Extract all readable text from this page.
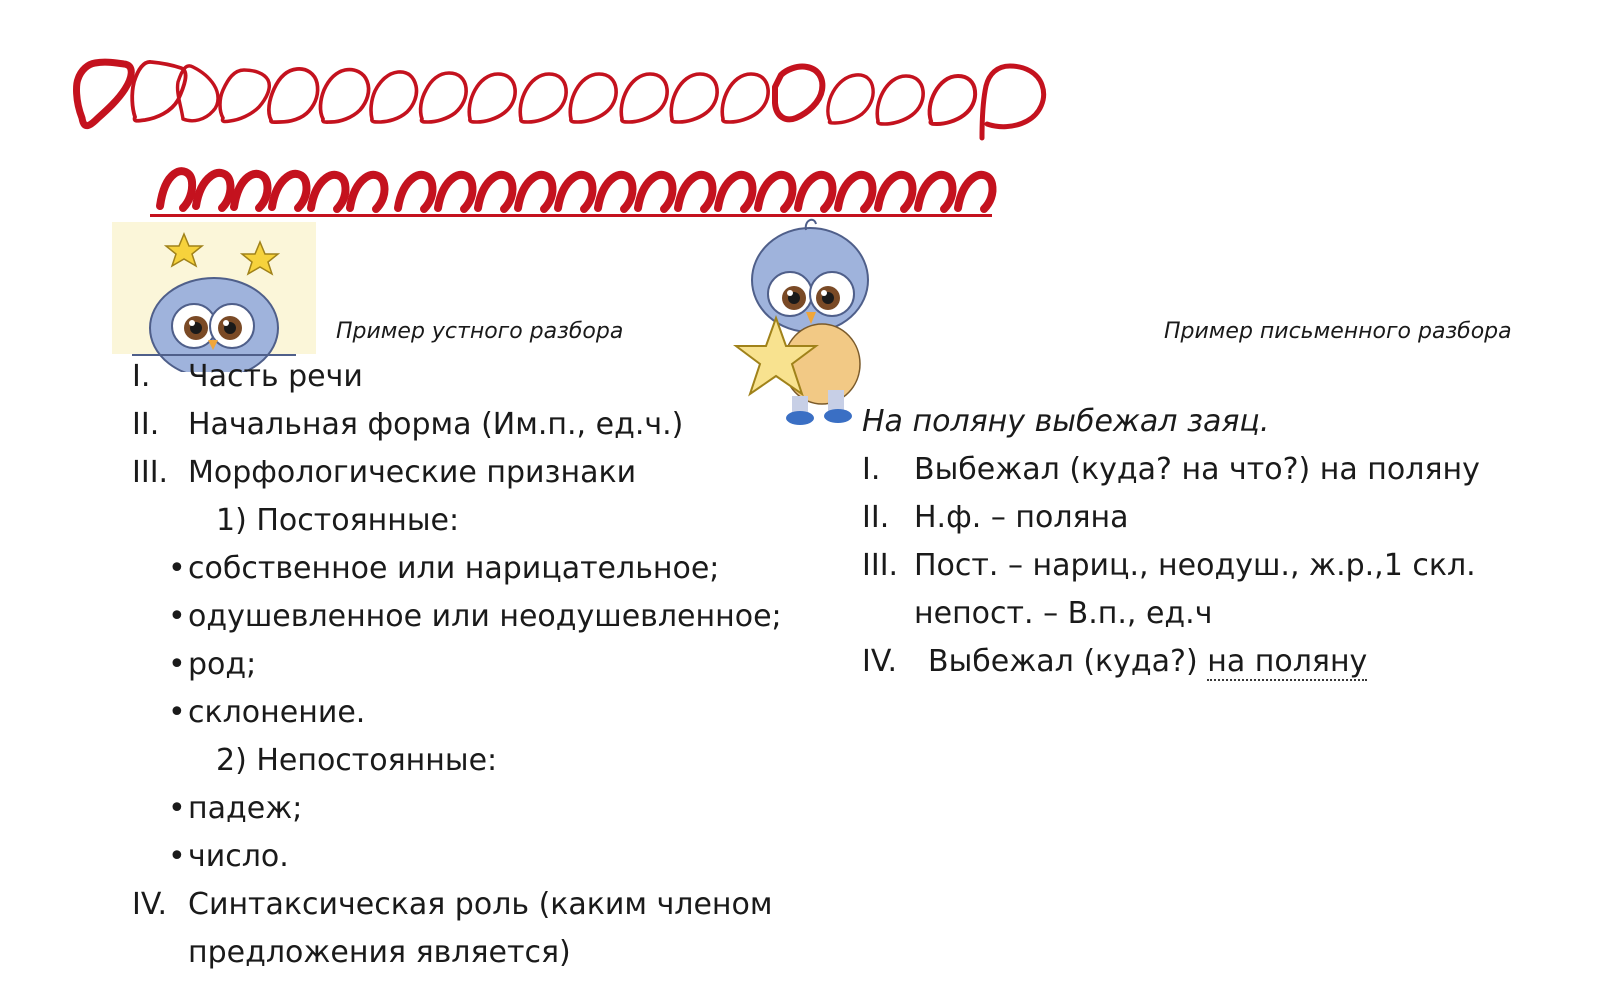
Пример устного разбора	Пример письменного разбора
I. Часть речи
II. Начальная форма (Им.п., ед.ч.)
III. Морфологические признаки
1) Постоянные:
• собственное или нарицательное;
• одушевленное или неодушевленное;
• род;
• склонение.
2) Непостоянные:
• падеж;
• число.
IV. Синтаксическая роль (каким членом
предложения является)
На поляну выбежал заяц.
I. Выбежал (куда? на что?) на поляну
II. Н.ф. – поляна
III. Пост. – нариц., неодуш., ж.р.,1 скл.
непост. – В.п., ед.ч
IV. Выбежал (куда?) на поляну
